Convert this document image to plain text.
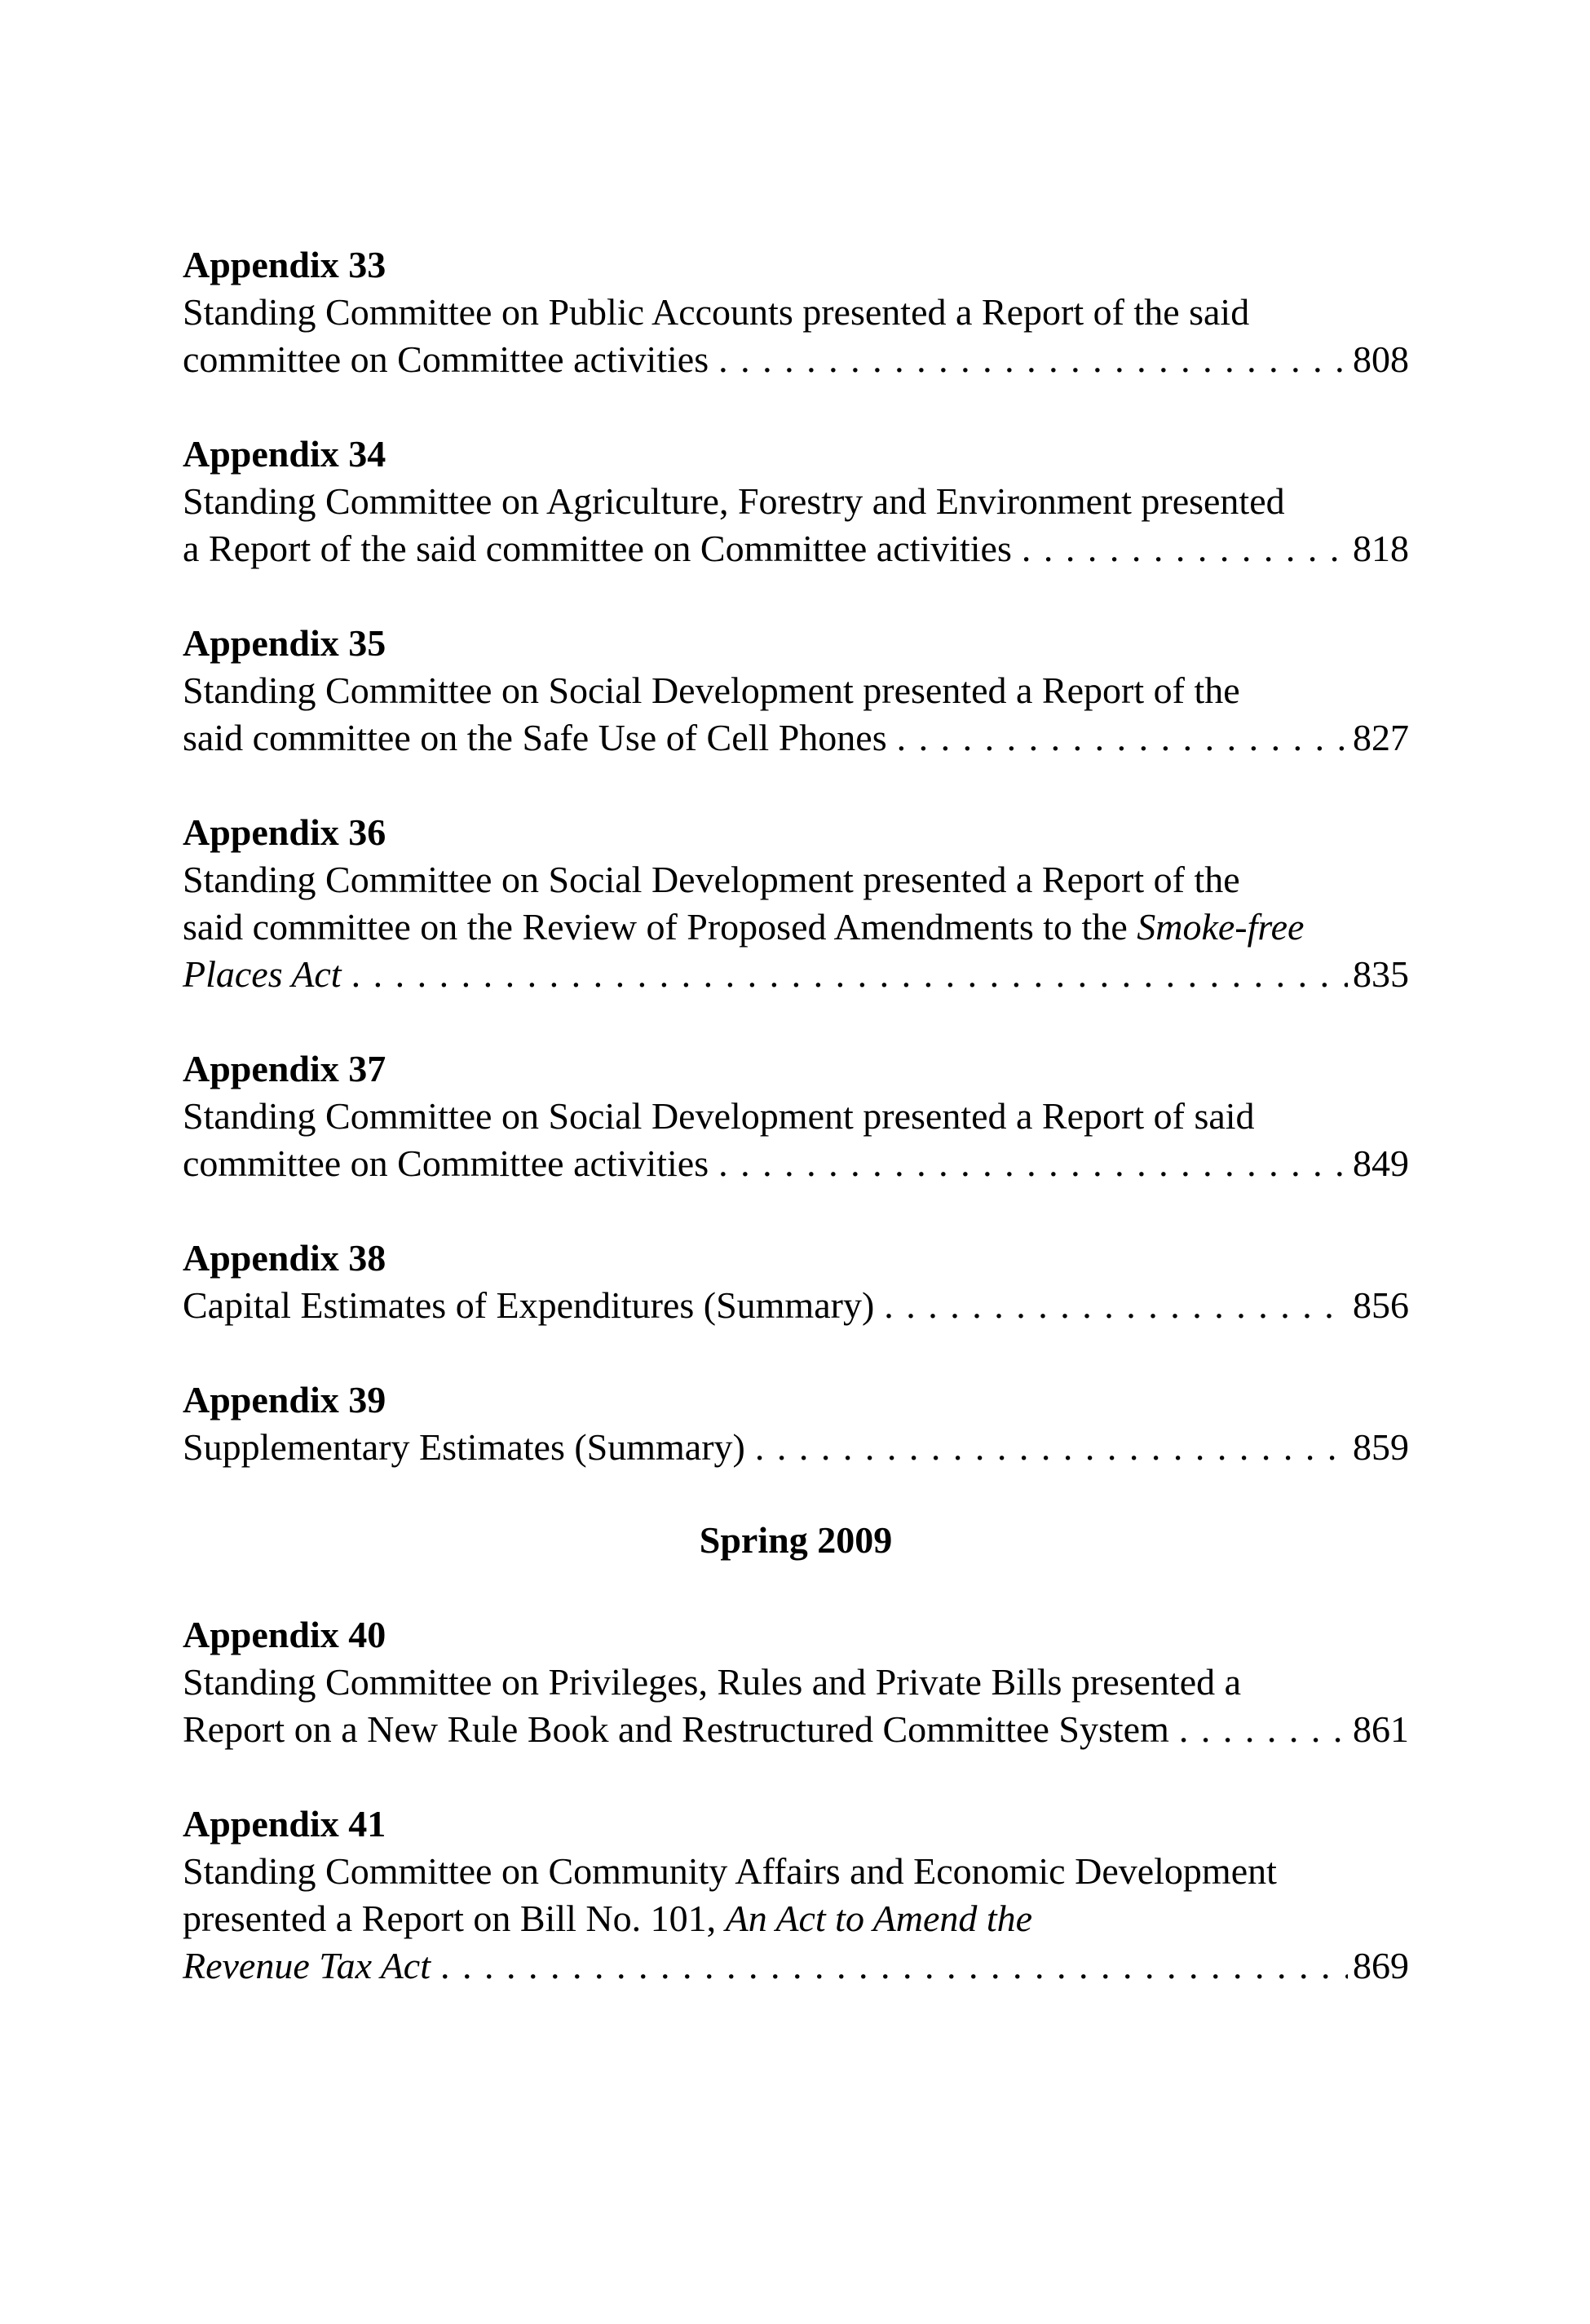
Appendix 33
Standing Committee on Public Accounts presented a Report of the said
committee on Committee activities . . .	808
Appendix 34
Standing Committee on Agriculture, Forestry and Environment presented
a Report of the said committee on Committee activities . . .	818
Appendix 35
Standing Committee on Social Development presented a Report of the
said committee on the Safe Use of Cell Phones . . .	827
Appendix 36
Standing Committee on Social Development presented a Report of the
said committee on the Review of Proposed Amendments to the Smoke-free
Places Act . . .	835
Appendix 37
Standing Committee on Social Development presented a Report of said
committee on Committee activities . . .	849
Appendix 38
Capital Estimates of Expenditures (Summary) . . .	856
Appendix 39
Supplementary Estimates (Summary) . . .	859
Spring 2009
Appendix 40
Standing Committee on Privileges, Rules and Private Bills presented a
Report on a New Rule Book and Restructured Committee System . . .	861
Appendix 41
Standing Committee on Community Affairs and Economic Development
presented a Report on Bill No. 101, An Act to Amend the
Revenue Tax Act . . .	869
